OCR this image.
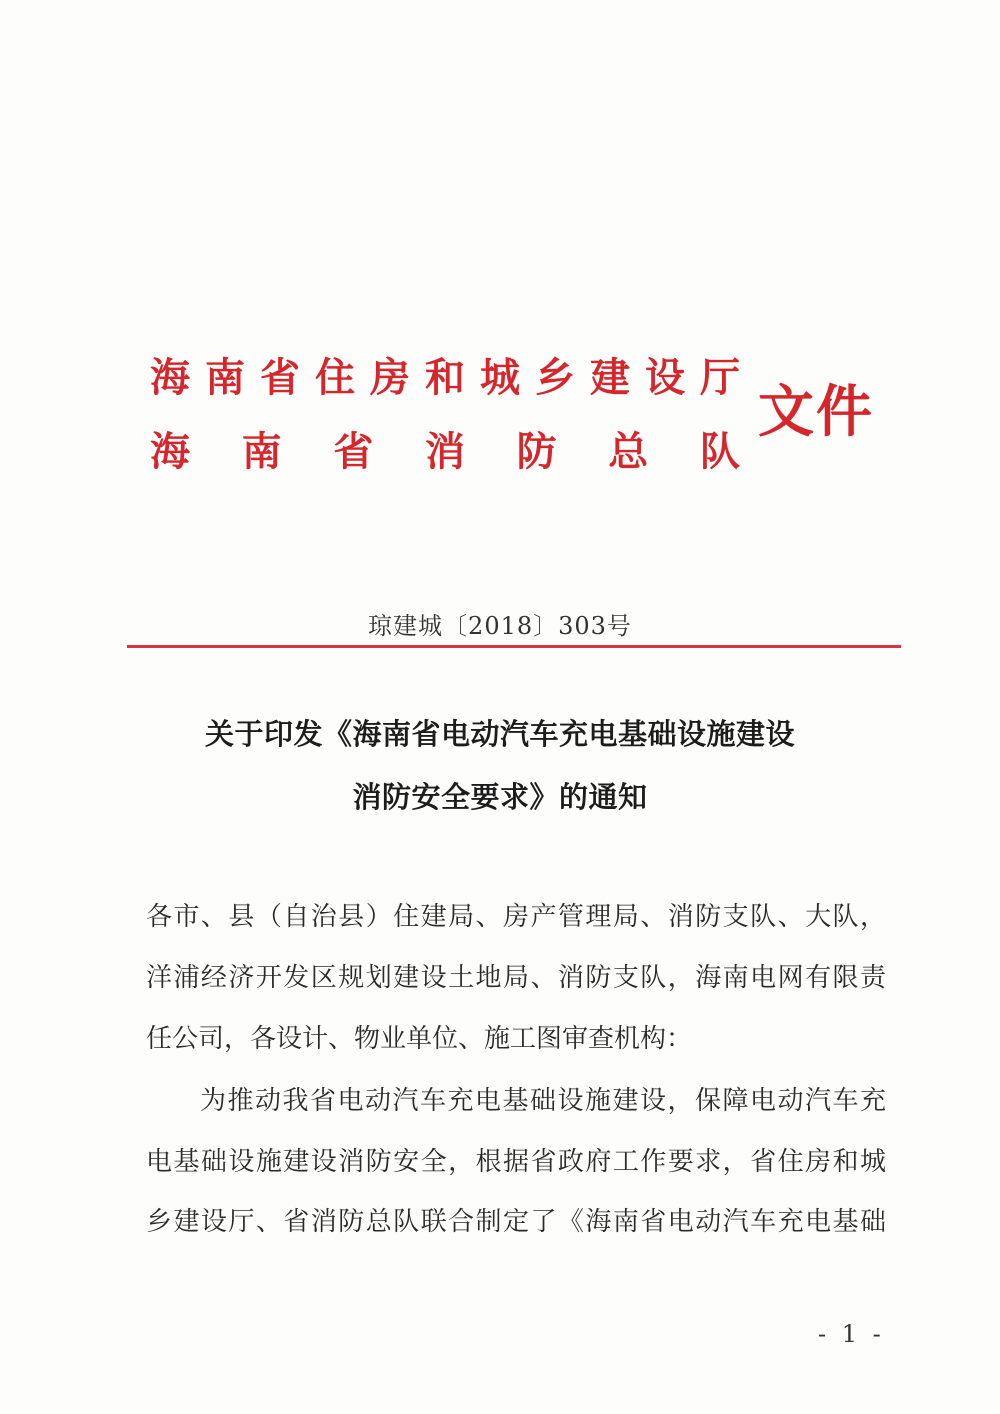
海 南 省 住 房 和 城 乡 建 设 厅
海 南 省 消 防 总 队
文件
琼建城〔2018〕303号
关于印发《海南省电动汽车充电基础设施建设
消防安全要求》的通知
各市、县（自治县）住建局、房产管理局、消防支队、大队，
洋浦经济开发区规划建设土地局、消防支队，海南电网有限责
任公司，各设计、物业单位、施工图审查机构：
为推动我省电动汽车充电基础设施建设，保障电动汽车充
电基础设施建设消防安全，根据省政府工作要求，省住房和城
乡建设厅、省消防总队联合制定了《海南省电动汽车充电基础
- 1 -
